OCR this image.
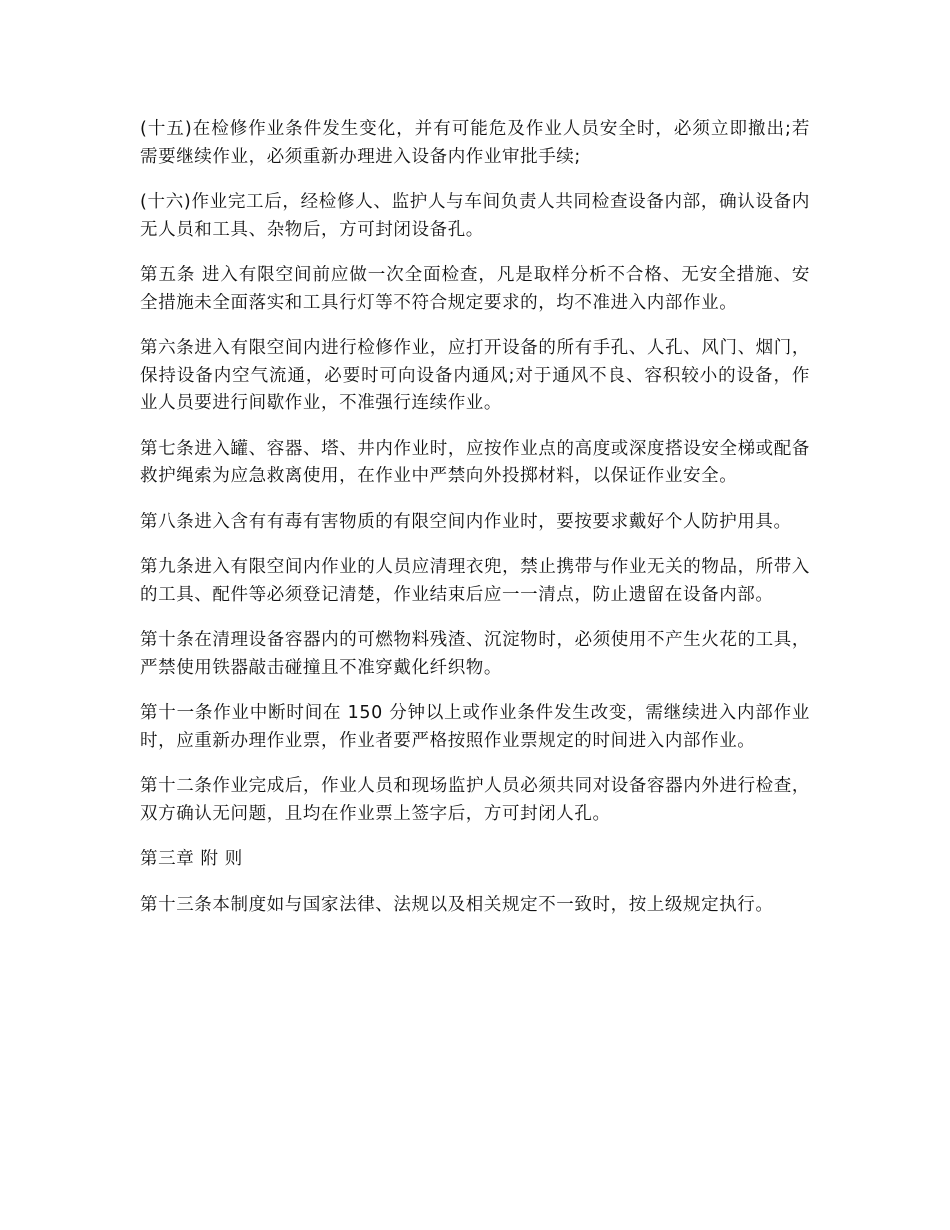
(十五)在检修作业条件发生变化，并有可能危及作业人员安全时，必须立即撤出;若需要继续作业，必须重新办理进入设备内作业审批手续;

(十六)作业完工后，经检修人、监护人与车间负责人共同检查设备内部，确认设备内无人员和工具、杂物后，方可封闭设备孔。

第五条 进入有限空间前应做一次全面检查，凡是取样分析不合格、无安全措施、安全措施未全面落实和工具行灯等不符合规定要求的，均不准进入内部作业。

第六条进入有限空间内进行检修作业，应打开设备的所有手孔、人孔、风门、烟门，保持设备内空气流通，必要时可向设备内通风;对于通风不良、容积较小的设备，作业人员要进行间歇作业，不准强行连续作业。

第七条进入罐、容器、塔、井内作业时，应按作业点的高度或深度搭设安全梯或配备救护绳索为应急救离使用，在作业中严禁向外投掷材料，以保证作业安全。

第八条进入含有有毒有害物质的有限空间内作业时，要按要求戴好个人防护用具。

第九条进入有限空间内作业的人员应清理衣兜，禁止携带与作业无关的物品，所带入的工具、配件等必须登记清楚，作业结束后应一一清点，防止遗留在设备内部。

第十条在清理设备容器内的可燃物料残渣、沉淀物时，必须使用不产生火花的工具，严禁使用铁器敲击碰撞且不准穿戴化纤织物。

第十一条作业中断时间在 150 分钟以上或作业条件发生改变，需继续进入内部作业时，应重新办理作业票，作业者要严格按照作业票规定的时间进入内部作业。

第十二条作业完成后，作业人员和现场监护人员必须共同对设备容器内外进行检查，双方确认无问题，且均在作业票上签字后，方可封闭人孔。

第三章 附 则

第十三条本制度如与国家法律、法规以及相关规定不一致时，按上级规定执行。
